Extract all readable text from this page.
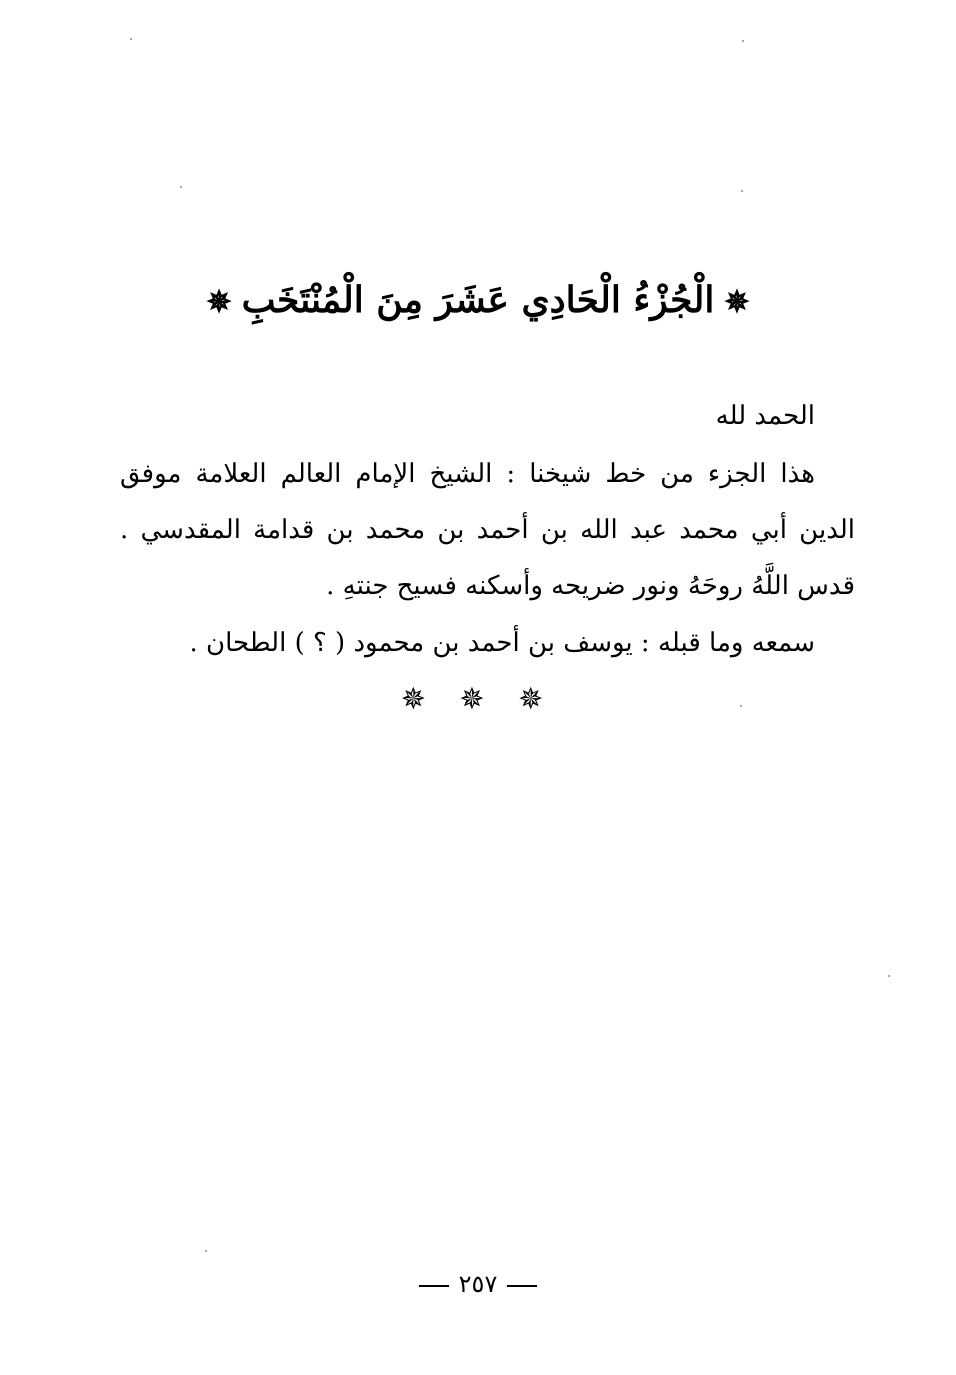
✵الْجُزْءُ الْحَادِي عَشَرَ مِنَ الْمُنْتَخَبِ✵
الحمد لله
هذا الجزء من خط شيخنا : الشيخ الإمام العالم العلامة موفق الدين أبي محمد عبد الله بن أحمد بن محمد بن قدامة المقدسي . قدس اللَّهُ روحَهُ ونور ضريحه وأسكنه فسيح جنتهِ .
سمعه وما قبله : يوسف بن أحمد بن محمود ( ؟ ) الطحان .
✵ ✵ ✵
٢٥٧
